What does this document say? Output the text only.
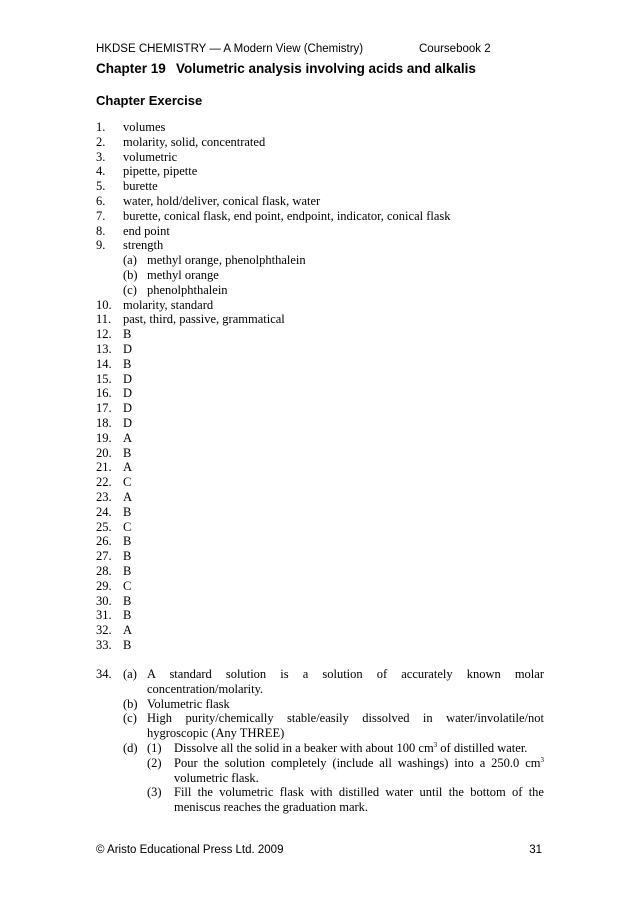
HKDSE CHEMISTRY — A Modern View (Chemistry)	Coursebook 2
Chapter 19 Volumetric analysis involving acids and alkalis
Chapter Exercise
1. volumes
2. molarity, solid, concentrated
3. volumetric
4. pipette, pipette
5. burette
6. water, hold/deliver, conical flask, water
7. burette, conical flask, end point, endpoint, indicator, conical flask
8. end point
9. strength
(a) methyl orange, phenolphthalein
(b) methyl orange
(c) phenolphthalein
10. molarity, standard
11. past, third, passive, grammatical
12. B
13. D
14. B
15. D
16. D
17. D
18. D
19. A
20. B
21. A
22. C
23. A
24. B
25. C
26. B
27. B
28. B
29. C
30. B
31. B
32. A
33. B
34. (a) A standard solution is a solution of accurately known molar
concentration/molarity.
(b) Volumetric flask
(c) High purity/chemically stable/easily dissolved in water/involatile/not
hygroscopic (Any THREE)
(d) (1) Dissolve all the solid in a beaker with about 100 $cm^3$ of distilled water.
(2) Pour the solution completely (include all washings) into a 250.0 $cm^3$
volumetric flask.
(3) Fill the volumetric flask with distilled water until the bottom of the
meniscus reaches the graduation mark.
© Aristo Educational Press Ltd. 2009	31
